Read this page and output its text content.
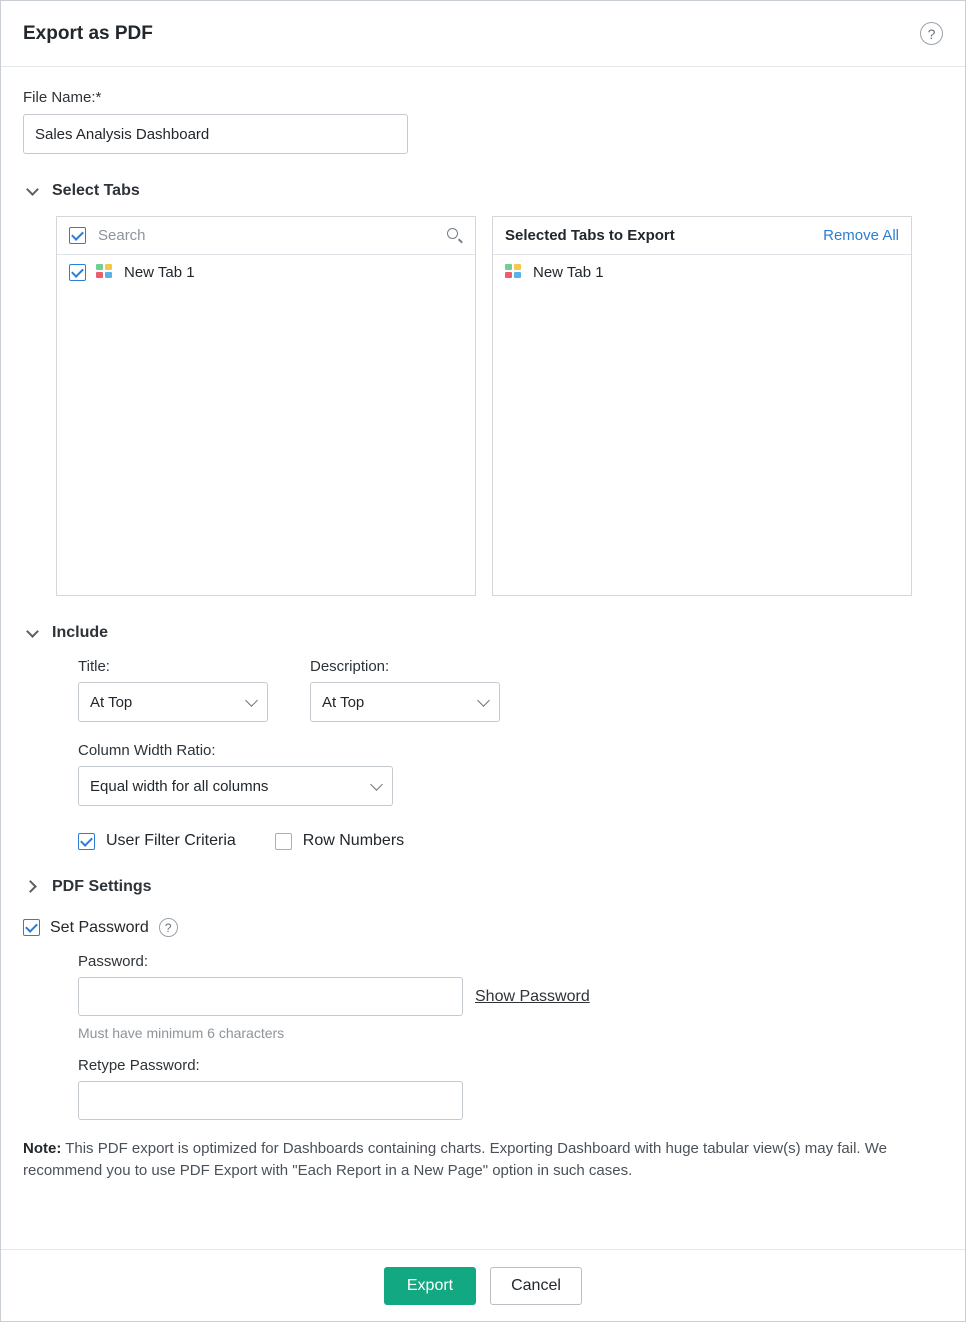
Export as PDF	?
File Name:*
Sales Analysis Dashboard
Select Tabs
Search
New Tab 1
Selected Tabs to Export	Remove All
New Tab 1
Include
Title:
At Top
Description:
At Top
Column Width Ratio:
Equal width for all columns
User Filter Criteria	Row Numbers
PDF Settings
Set Password	?
Password:
Show Password
Must have minimum 6 characters
Retype Password:
Note: This PDF export is optimized for Dashboards containing charts. Exporting Dashboard with huge tabular view(s) may fail. We recommend you to use PDF Export with "Each Report in a New Page" option in such cases.
Export	Cancel
